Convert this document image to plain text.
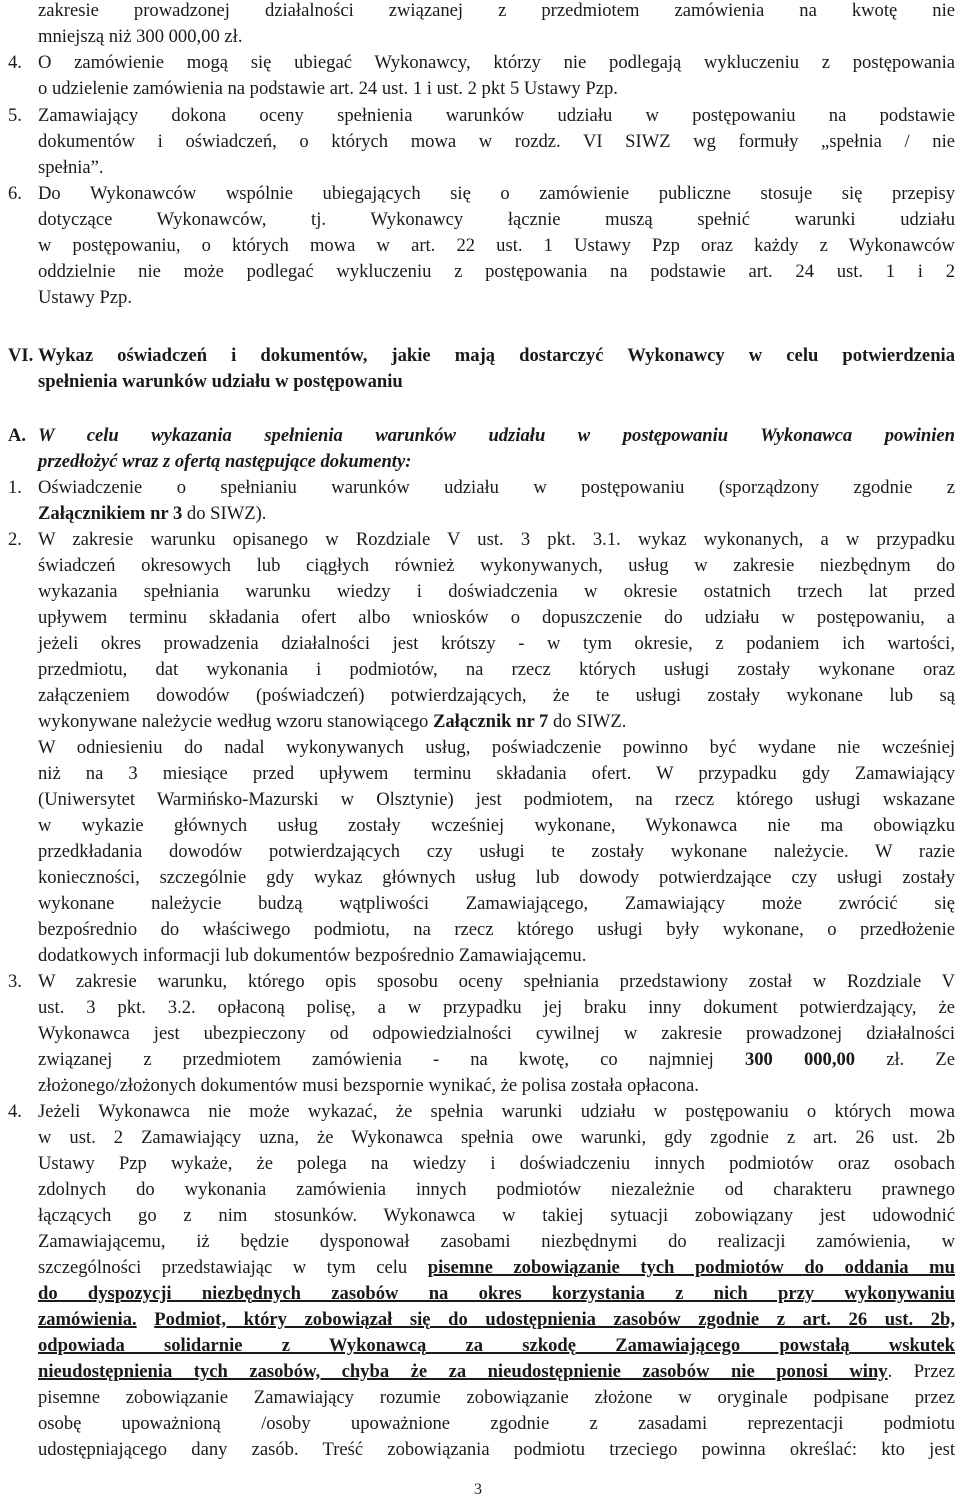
zakresie prowadzonej działalności związanej z przedmiotem zamówienia na kwotę nie
mniejszą niż 300 000,00 zł.
4. O zamówienie mogą się ubiegać Wykonawcy, którzy nie podlegają wykluczeniu z postępowania
o udzielenie zamówienia na podstawie art. 24 ust. 1 i ust. 2 pkt 5 Ustawy Pzp.
5. Zamawiający dokona oceny spełnienia warunków udziału w postępowaniu na podstawie
dokumentów i oświadczeń, o których mowa w rozdz. VI SIWZ wg formuły „spełnia / nie
spełnia”.
6. Do Wykonawców wspólnie ubiegających się o zamówienie publiczne stosuje się przepisy
dotyczące Wykonawców, tj. Wykonawcy łącznie muszą spełnić warunki udziału
w postępowaniu, o których mowa w art. 22 ust. 1 Ustawy Pzp oraz każdy z Wykonawców
oddzielnie nie może podlegać wykluczeniu z postępowania na podstawie art. 24 ust. 1 i 2
Ustawy Pzp.
VI. Wykaz oświadczeń i dokumentów, jakie mają dostarczyć Wykonawcy w celu potwierdzenia
spełnienia warunków udziału w postępowaniu
A. W celu wykazania spełnienia warunków udziału w postępowaniu Wykonawca powinien
przedłożyć wraz z ofertą następujące dokumenty:
1. Oświadczenie o spełnianiu warunków udziału w postępowaniu (sporządzony zgodnie z
Załącznikiem nr 3 do SIWZ).
2. W zakresie warunku opisanego w Rozdziale V ust. 3 pkt. 3.1. wykaz wykonanych, a w przypadku
świadczeń okresowych lub ciągłych również wykonywanych, usług w zakresie niezbędnym do
wykazania spełniania warunku wiedzy i doświadczenia w okresie ostatnich trzech lat przed
upływem terminu składania ofert albo wniosków o dopuszczenie do udziału w postępowaniu, a
jeżeli okres prowadzenia działalności jest krótszy - w tym okresie, z podaniem ich wartości,
przedmiotu, dat wykonania i podmiotów, na rzecz których usługi zostały wykonane oraz
załączeniem dowodów (poświadczeń) potwierdzających, że te usługi zostały wykonane lub są
wykonywane należycie według wzoru stanowiącego Załącznik nr 7 do SIWZ.
W odniesieniu do nadal wykonywanych usług, poświadczenie powinno być wydane nie wcześniej
niż na 3 miesiące przed upływem terminu składania ofert. W przypadku gdy Zamawiający
(Uniwersytet Warmińsko-Mazurski w Olsztynie) jest podmiotem, na rzecz którego usługi wskazane
w wykazie głównych usług zostały wcześniej wykonane, Wykonawca nie ma obowiązku
przedkładania dowodów potwierdzających czy usługi te zostały wykonane należycie. W razie
konieczności, szczególnie gdy wykaz głównych usług lub dowody potwierdzające czy usługi zostały
wykonane należycie budzą wątpliwości Zamawiającego, Zamawiający może zwrócić się
bezpośrednio do właściwego podmiotu, na rzecz którego usługi były wykonane, o przedłożenie
dodatkowych informacji lub dokumentów bezpośrednio Zamawiającemu.
3. W zakresie warunku, którego opis sposobu oceny spełniania przedstawiony został w Rozdziale V
ust. 3 pkt. 3.2. opłaconą polisę, a w przypadku jej braku inny dokument potwierdzający, że
Wykonawca jest ubezpieczony od odpowiedzialności cywilnej w zakresie prowadzonej działalności
związanej z przedmiotem zamówienia - na kwotę, co najmniej 300 000,00 zł. Ze
złożonego/złożonych dokumentów musi bezspornie wynikać, że polisa została opłacona.
4. Jeżeli Wykonawca nie może wykazać, że spełnia warunki udziału w postępowaniu o których mowa
w ust. 2 Zamawiający uzna, że Wykonawca spełnia owe warunki, gdy zgodnie z art. 26 ust. 2b
Ustawy Pzp wykaże, że polega na wiedzy i doświadczeniu innych podmiotów oraz osobach
zdolnych do wykonania zamówienia innych podmiotów niezależnie od charakteru prawnego
łączących go z nim stosunków. Wykonawca w takiej sytuacji zobowiązany jest udowodnić
Zamawiającemu, iż będzie dysponował zasobami niezbędnymi do realizacji zamówienia, w
szczególności przedstawiając w tym celu pisemne zobowiązanie tych podmiotów do oddania mu
do dyspozycji niezbędnych zasobów na okres korzystania z nich przy wykonywaniu
zamówienia. Podmiot, który zobowiązał się do udostępnienia zasobów zgodnie z art. 26 ust. 2b,
odpowiada solidarnie z Wykonawcą za szkodę Zamawiającego powstałą wskutek
nieudostępnienia tych zasobów, chyba że za nieudostępnienie zasobów nie ponosi winy. Przez
pisemne zobowiązanie Zamawiający rozumie zobowiązanie złożone w oryginale podpisane przez
osobę upoważnioną /osoby upoważnione zgodnie z zasadami reprezentacji podmiotu
udostępniającego dany zasób. Treść zobowiązania podmiotu trzeciego powinna określać: kto jest
3
